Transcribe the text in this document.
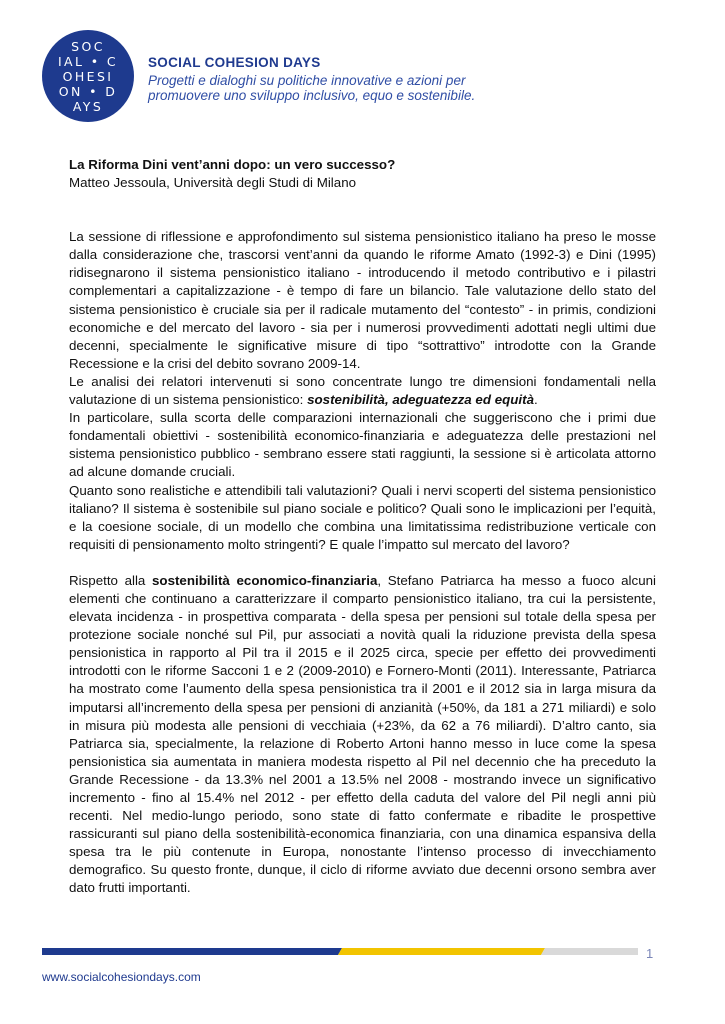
SOC
IAL • C
OHESI
ON • D
AYS
SOCIAL COHESION DAYS
Progetti e dialoghi su politiche innovative e azioni per
promuovere uno sviluppo inclusivo, equo e sostenibile.

La Riforma Dini vent’anni dopo: un vero successo?

Matteo Jessoula, Università degli Studi di Milano

La sessione di riflessione e approfondimento sul sistema pensionistico italiano ha preso le mosse dalla considerazione che, trascorsi vent’anni da quando le riforme Amato (1992-3) e Dini (1995) ridisegnarono il sistema pensionistico italiano - introducendo il metodo contributivo e i pilastri complementari a capitalizzazione - è tempo di fare un bilancio. Tale valutazione dello stato del sistema pensionistico è cruciale sia per il radicale mutamento del “contesto” - in primis, condizioni economiche e del mercato del lavoro - sia per i numerosi provvedimenti adottati negli ultimi due decenni, specialmente le significative misure di tipo “sottrattivo” introdotte con la Grande Recessione e la crisi del debito sovrano 2009-14.

Le analisi dei relatori intervenuti si sono concentrate lungo tre dimensioni fondamentali nella valutazione di un sistema pensionistico: sostenibilità, adeguatezza ed equità.

In particolare, sulla scorta delle comparazioni internazionali che suggeriscono che i primi due fondamentali obiettivi - sostenibilità economico-finanziaria e adeguatezza delle prestazioni nel sistema pensionistico pubblico - sembrano essere stati raggiunti, la sessione si è articolata attorno ad alcune domande cruciali.

Quanto sono realistiche e attendibili tali valutazioni? Quali i nervi scoperti del sistema pensionistico italiano? Il sistema è sostenibile sul piano sociale e politico? Quali sono le implicazioni per l’equità, e la coesione sociale, di un modello che combina una limitatissima redistribuzione verticale con requisiti di pensionamento molto stringenti? E quale l’impatto sul mercato del lavoro?

Rispetto alla sostenibilità economico-finanziaria, Stefano Patriarca ha messo a fuoco alcuni elementi che continuano a caratterizzare il comparto pensionistico italiano, tra cui la persistente, elevata incidenza - in prospettiva comparata - della spesa per pensioni sul totale della spesa per protezione sociale nonché sul Pil, pur associati a novità quali la riduzione prevista della spesa pensionistica in rapporto al Pil tra il 2015 e il 2025 circa, specie per effetto dei provvedimenti introdotti con le riforme Sacconi 1 e 2 (2009-2010) e Fornero-Monti (2011). Interessante, Patriarca ha mostrato come l’aumento della spesa pensionistica tra il 2001 e il 2012 sia in larga misura da imputarsi all’incremento della spesa per pensioni di anzianità (+50%, da 181 a 271 miliardi) e solo in misura più modesta alle pensioni di vecchiaia (+23%, da 62 a 76 miliardi). D’altro canto, sia Patriarca sia, specialmente, la relazione di Roberto Artoni hanno messo in luce come la spesa pensionistica sia aumentata in maniera modesta rispetto al Pil nel decennio che ha preceduto la Grande Recessione - da 13.3% nel 2001 a 13.5% nel 2008 - mostrando invece un significativo incremento - fino al 15.4% nel 2012 - per effetto della caduta del valore del Pil negli anni più recenti. Nel medio-lungo periodo, sono state di fatto confermate e ribadite le prospettive rassicuranti sul piano della sostenibilità-economica finanziaria, con una dinamica espansiva della spesa tra le più contenute in Europa, nonostante l’intenso processo di invecchiamento demografico. Su questo fronte, dunque, il ciclo di riforme avviato due decenni orsono sembra aver dato frutti importanti.

1
www.socialcohesiondays.com
